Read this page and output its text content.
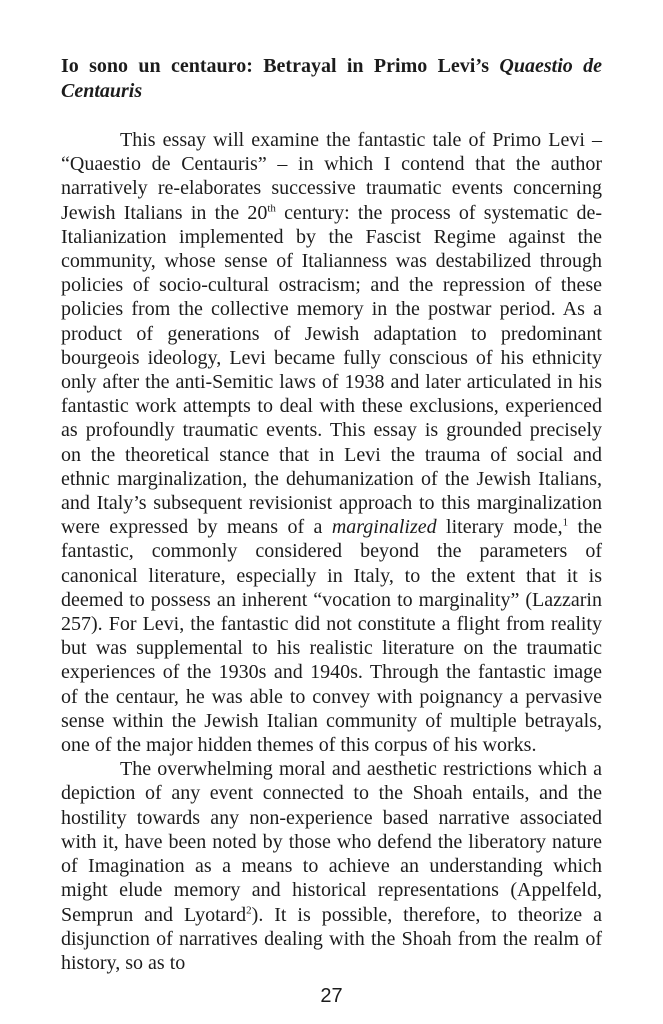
Io sono un centauro: Betrayal in Primo Levi’s Quaestio de Centauris

This essay will examine the fantastic tale of Primo Levi – “Quaestio de Centauris” – in which I contend that the author narratively re-elaborates successive traumatic events concerning Jewish Italians in the 20th century: the process of systematic de-Italianization implemented by the Fascist Regime against the community, whose sense of Italianness was destabilized through policies of socio-cultural ostracism; and the repression of these policies from the collective memory in the postwar period. As a product of generations of Jewish adaptation to predominant bourgeois ideology, Levi became fully conscious of his ethnicity only after the anti-Semitic laws of 1938 and later articulated in his fantastic work attempts to deal with these exclusions, experienced as profoundly traumatic events. This essay is grounded precisely on the theoretical stance that in Levi the trauma of social and ethnic marginalization, the dehumanization of the Jewish Italians, and Italy’s subsequent revisionist approach to this marginalization were expressed by means of a marginalized literary mode,$^1$ the fantastic, commonly considered beyond the parameters of canonical literature, especially in Italy, to the extent that it is deemed to possess an inherent “vocation to marginality” (Lazzarin 257). For Levi, the fantastic did not constitute a flight from reality but was supplemental to his realistic literature on the traumatic experiences of the 1930s and 1940s. Through the fantastic image of the centaur, he was able to convey with poignancy a pervasive sense within the Jewish Italian community of multiple betrayals, one of the major hidden themes of this corpus of his works.

The overwhelming moral and aesthetic restrictions which a depiction of any event connected to the Shoah entails, and the hostility towards any non-experience based narrative associated with it, have been noted by those who defend the liberatory nature of Imagination as a means to achieve an understanding which might elude memory and historical representations (Appelfeld, Semprun and Lyotard$^2$). It is possible, therefore, to theorize a disjunction of narratives dealing with the Shoah from the realm of history, so as to

27
